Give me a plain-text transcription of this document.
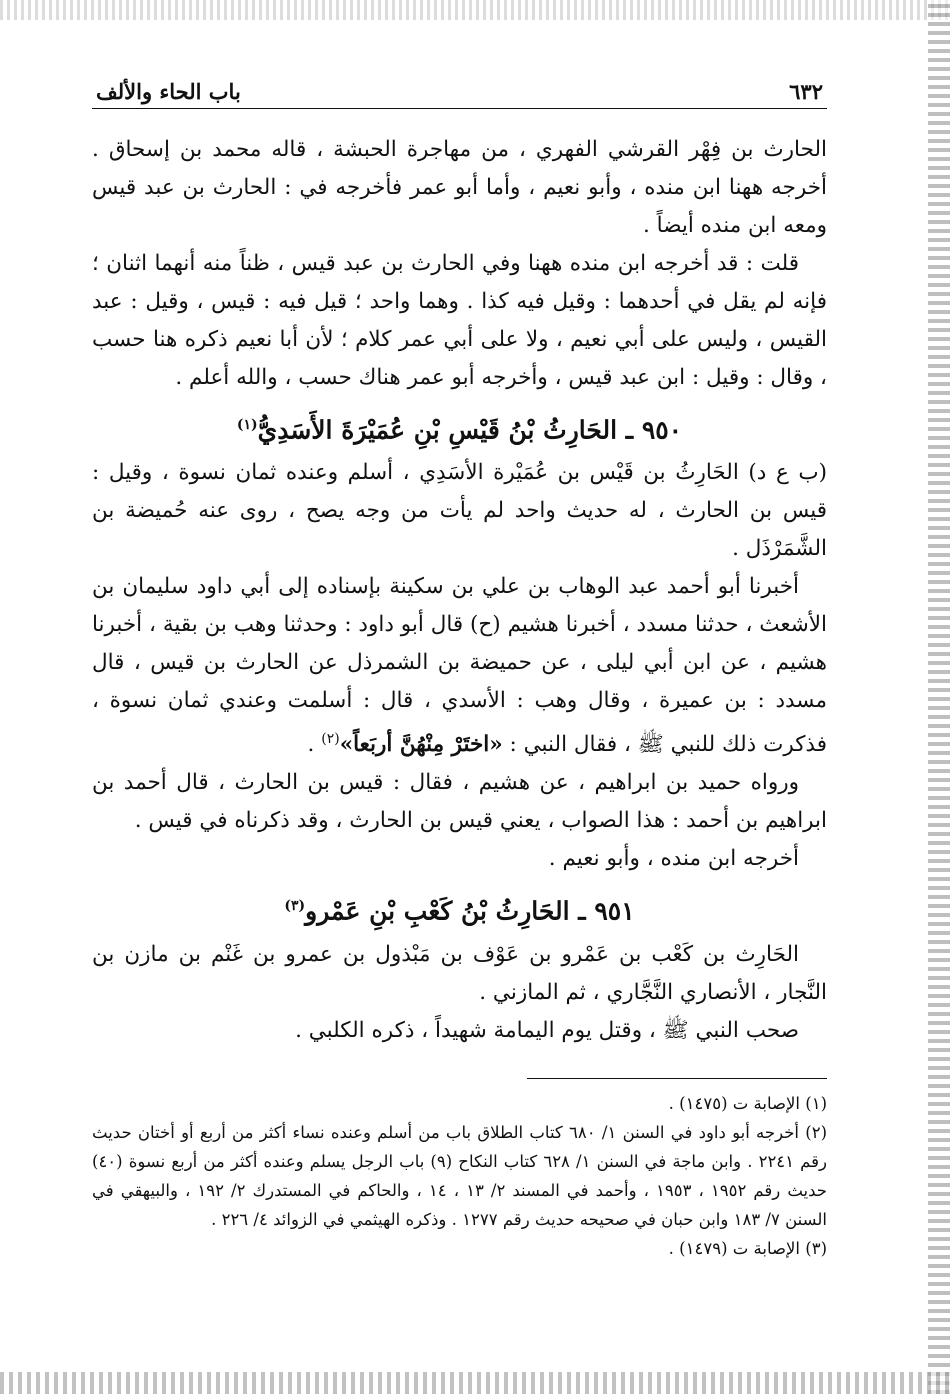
٦٣٢
باب الحاء والألف

الحارث بن فِهْر القرشي الفهري ، من مهاجرة الحبشة ، قاله محمد بن إسحاق . أخرجه ههنا ابن منده ، وأبو نعيم ، وأما أبو عمر فأخرجه في : الحارث بن عبد قيس ومعه ابن منده أيضاً .

قلت : قد أخرجه ابن منده ههنا وفي الحارث بن عبد قيس ، ظناً منه أنهما اثنان ؛ فإنه لم يقل في أحدهما : وقيل فيه كذا . وهما واحد ؛ قيل فيه : قيس ، وقيل : عبد القيس ، وليس على أبي نعيم ، ولا على أبي عمر كلام ؛ لأن أبا نعيم ذكره هنا حسب ، وقال : وقيل : ابن عبد قيس ، وأخرجه أبو عمر هناك حسب ، والله أعلم .

٩٥٠ ـ الحَارِثُ بْنُ قَيْسِ بْنِ عُمَيْرَةَ الأَسَدِيُّ$^{(١)}$

(ب ع د) الحَارِثُ بن قَيْس بن عُمَيْرة الأسَدِي ، أسلم وعنده ثمان نسوة ، وقيل : قيس بن الحارث ، له حديث واحد لم يأت من وجه يصح ، روى عنه حُميضة بن الشَّمَرْذَل .

أخبرنا أبو أحمد عبد الوهاب بن علي بن سكينة بإسناده إلى أبي داود سليمان بن الأشعث ، حدثنا مسدد ، أخبرنا هشيم (ح) قال أبو داود : وحدثنا وهب بن بقية ، أخبرنا هشيم ، عن ابن أبي ليلى ، عن حميضة بن الشمرذل عن الحارث بن قيس ، قال مسدد : بن عميرة ، وقال وهب : الأسدي ، قال : أسلمت وعندي ثمان نسوة ، فذكرت ذلك للنبي ﷺ ، فقال النبي : «اختَرْ مِنْهُنَّ أربَعاً»$^{(٢)}$ .

ورواه حميد بن ابراهيم ، عن هشيم ، فقال : قيس بن الحارث ، قال أحمد بن ابراهيم بن أحمد : هذا الصواب ، يعني قيس بن الحارث ، وقد ذكرناه في قيس .

أخرجه ابن منده ، وأبو نعيم .

٩٥١ ـ الحَارِثُ بْنُ كَعْبِ بْنِ عَمْرو$^{(٣)}$

الحَارِث بن كَعْب بن عَمْرو بن عَوْف بن مَبْذول بن عمرو بن غَنْم بن مازن بن النَّجار ، الأنصاري النَّجَّاري ، ثم المازني .

صحب النبي ﷺ ، وقتل يوم اليمامة شهيداً ، ذكره الكلبي .

(١) الإصابة ت (١٤٧٥) .

(٢) أخرجه أبو داود في السنن ١/ ٦٨٠ كتاب الطلاق باب من أسلم وعنده نساء أكثر من أربع أو أختان حديث رقم ٢٢٤١ . وابن ماجة في السنن ١/ ٦٢٨ كتاب النكاح (٩) باب الرجل يسلم وعنده أكثر من أربع نسوة (٤٠) حديث رقم ١٩٥٢ ، ١٩٥٣ ، وأحمد في المسند ٢/ ١٣ ، ١٤ ، والحاكم في المستدرك ٢/ ١٩٢ ، والبيهقي في السنن ٧/ ١٨٣ وابن حبان في صحيحه حديث رقم ١٢٧٧ . وذكره الهيثمي في الزوائد ٤/ ٢٢٦ .

(٣) الإصابة ت (١٤٧٩) .
